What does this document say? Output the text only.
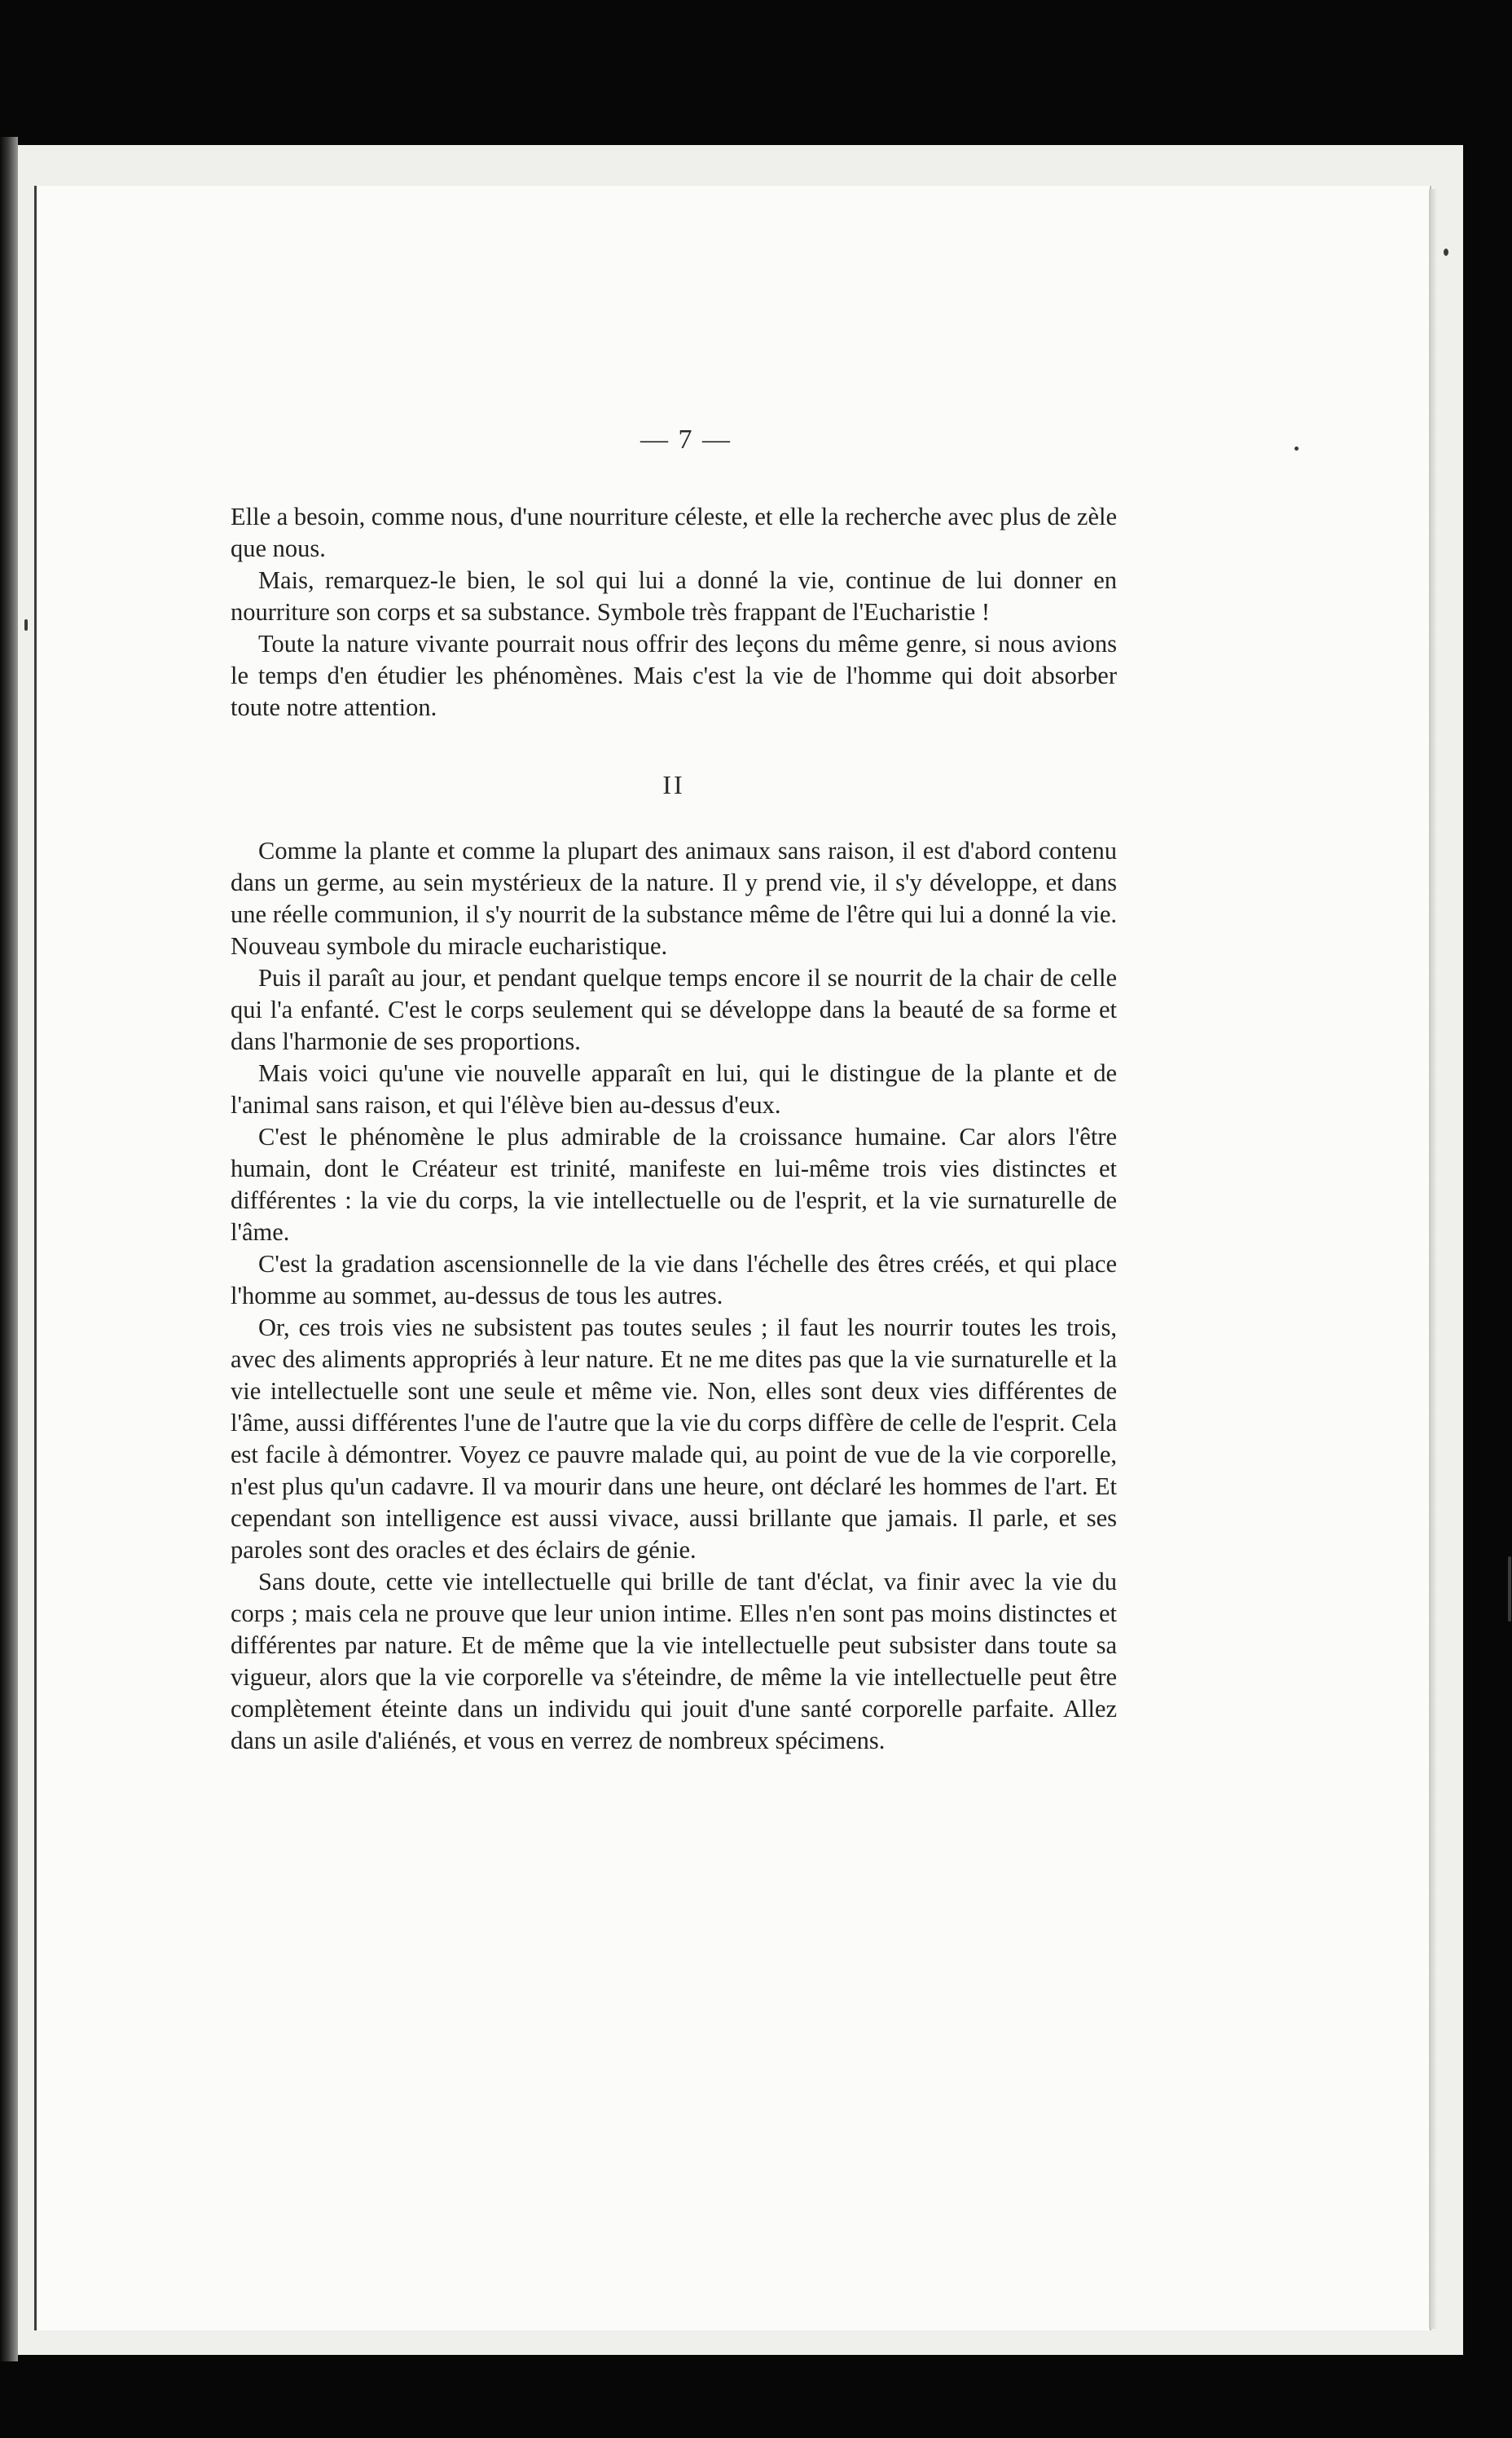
— 7 —

Elle a besoin, comme nous, d'une nourriture céleste, et elle la recherche avec plus de zèle que nous.

Mais, remarquez-le bien, le sol qui lui a donné la vie, continue de lui donner en nourriture son corps et sa substance. Symbole très frappant de l'Eucharistie !

Toute la nature vivante pourrait nous offrir des leçons du même genre, si nous avions le temps d'en étudier les phénomènes. Mais c'est la vie de l'homme qui doit absorber toute notre attention.

II

Comme la plante et comme la plupart des animaux sans raison, il est d'abord contenu dans un germe, au sein mystérieux de la nature. Il y prend vie, il s'y développe, et dans une réelle communion, il s'y nourrit de la substance même de l'être qui lui a donné la vie. Nouveau symbole du miracle eucharistique.

Puis il paraît au jour, et pendant quelque temps encore il se nourrit de la chair de celle qui l'a enfanté. C'est le corps seulement qui se développe dans la beauté de sa forme et dans l'harmonie de ses proportions.

Mais voici qu'une vie nouvelle apparaît en lui, qui le distingue de la plante et de l'animal sans raison, et qui l'élève bien au-dessus d'eux.

C'est le phénomène le plus admirable de la croissance humaine. Car alors l'être humain, dont le Créateur est trinité, manifeste en lui-même trois vies distinctes et différentes : la vie du corps, la vie intellectuelle ou de l'esprit, et la vie surnaturelle de l'âme.

C'est la gradation ascensionnelle de la vie dans l'échelle des êtres créés, et qui place l'homme au sommet, au-dessus de tous les autres.

Or, ces trois vies ne subsistent pas toutes seules ; il faut les nourrir toutes les trois, avec des aliments appropriés à leur nature. Et ne me dites pas que la vie surnaturelle et la vie intellectuelle sont une seule et même vie. Non, elles sont deux vies différentes de l'âme, aussi différentes l'une de l'autre que la vie du corps diffère de celle de l'esprit. Cela est facile à démontrer. Voyez ce pauvre malade qui, au point de vue de la vie corporelle, n'est plus qu'un cadavre. Il va mourir dans une heure, ont déclaré les hommes de l'art. Et cependant son intelligence est aussi vivace, aussi brillante que jamais. Il parle, et ses paroles sont des oracles et des éclairs de génie.

Sans doute, cette vie intellectuelle qui brille de tant d'éclat, va finir avec la vie du corps ; mais cela ne prouve que leur union intime. Elles n'en sont pas moins distinctes et différentes par nature. Et de même que la vie intellectuelle peut subsister dans toute sa vigueur, alors que la vie corporelle va s'éteindre, de même la vie intellectuelle peut être complètement éteinte dans un individu qui jouit d'une santé corporelle parfaite. Allez dans un asile d'aliénés, et vous en verrez de nombreux spécimens.
